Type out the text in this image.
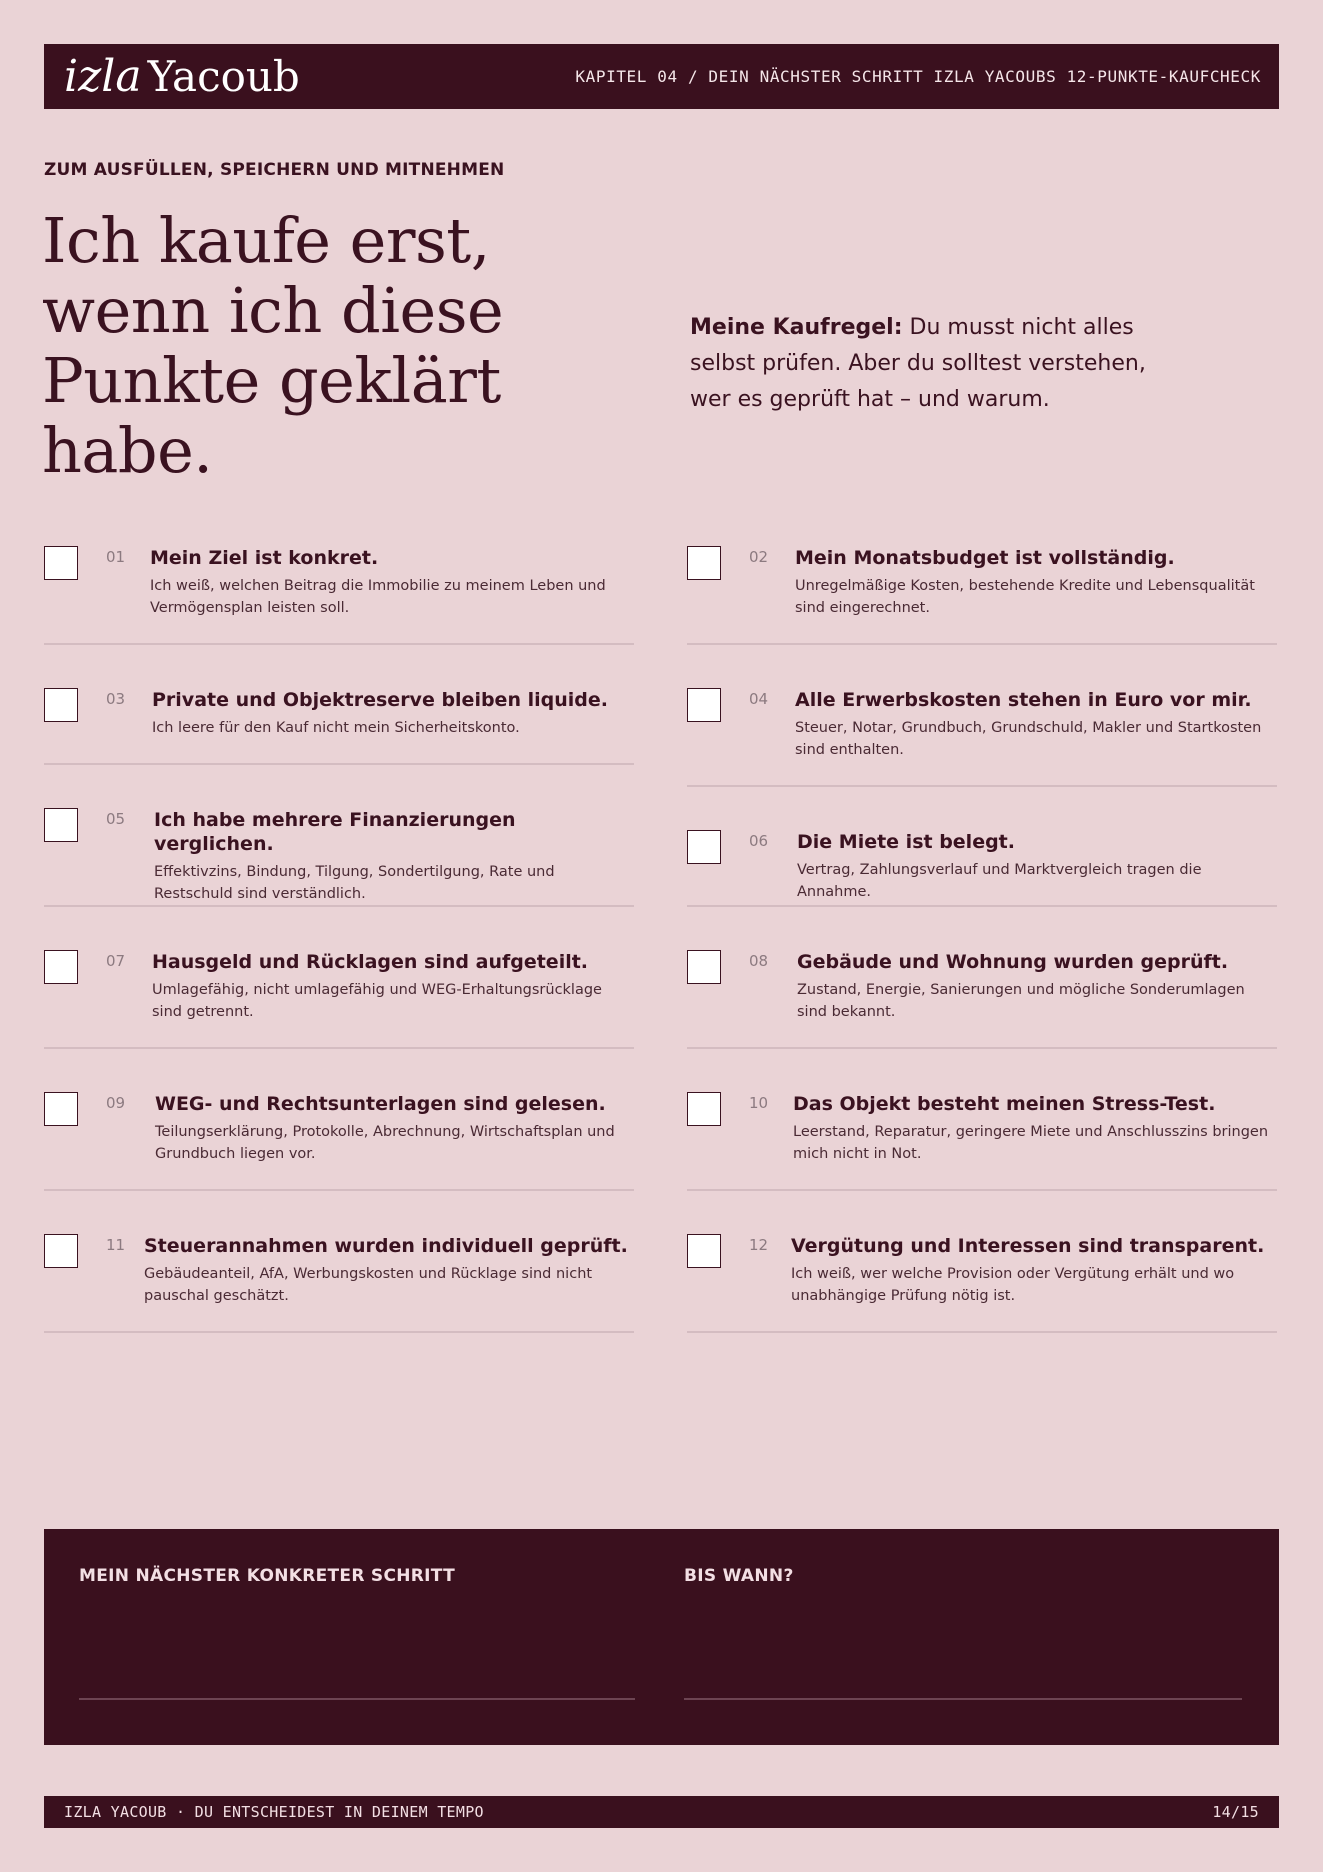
izla Yacoub	KAPITEL 04 / DEIN NÄCHSTER SCHRITT IZLA YACOUBS 12-PUNKTE-KAUFCHECK
ZUM AUSFÜLLEN, SPEICHERN UND MITNEHMEN
Ich kaufe erst,
wenn ich diese
Punkte geklärt habe.
Meine Kaufregel: Du musst nicht alles selbst prüfen. Aber du solltest verstehen, wer es geprüft hat – und warum.
01 Mein Ziel ist konkret.
Ich weiß, welchen Beitrag die Immobilie zu meinem Leben und Vermögensplan leisten soll.
02 Mein Monatsbudget ist vollständig.
Unregelmäßige Kosten, bestehende Kredite und Lebensqualität sind eingerechnet.
03 Private und Objektreserve bleiben liquide.
Ich leere für den Kauf nicht mein Sicherheitskonto.
04 Alle Erwerbskosten stehen in Euro vor mir.
Steuer, Notar, Grundbuch, Grundschuld, Makler und Startkosten sind enthalten.
05 Ich habe mehrere Finanzierungen verglichen.
Effektivzins, Bindung, Tilgung, Sondertilgung, Rate und Restschuld sind verständlich.
06 Die Miete ist belegt.
Vertrag, Zahlungsverlauf und Marktvergleich tragen die Annahme.
07 Hausgeld und Rücklagen sind aufgeteilt.
Umlagefähig, nicht umlagefähig und WEG-Erhaltungsrücklage sind getrennt.
08 Gebäude und Wohnung wurden geprüft.
Zustand, Energie, Sanierungen und mögliche Sonderumlagen sind bekannt.
09 WEG- und Rechtsunterlagen sind gelesen.
Teilungserklärung, Protokolle, Abrechnung, Wirtschaftsplan und Grundbuch liegen vor.
10 Das Objekt besteht meinen Stress-Test.
Leerstand, Reparatur, geringere Miete und Anschlusszins bringen mich nicht in Not.
11 Steuerannahmen wurden individuell geprüft.
Gebäudeanteil, AfA, Werbungskosten und Rücklage sind nicht pauschal geschätzt.
12 Vergütung und Interessen sind transparent.
Ich weiß, wer welche Provision oder Vergütung erhält und wo unabhängige Prüfung nötig ist.
MEIN NÄCHSTER KONKRETER SCHRITT	BIS WANN?
IZLA YACOUB · DU ENTSCHEIDEST IN DEINEM TEMPO	14/15
